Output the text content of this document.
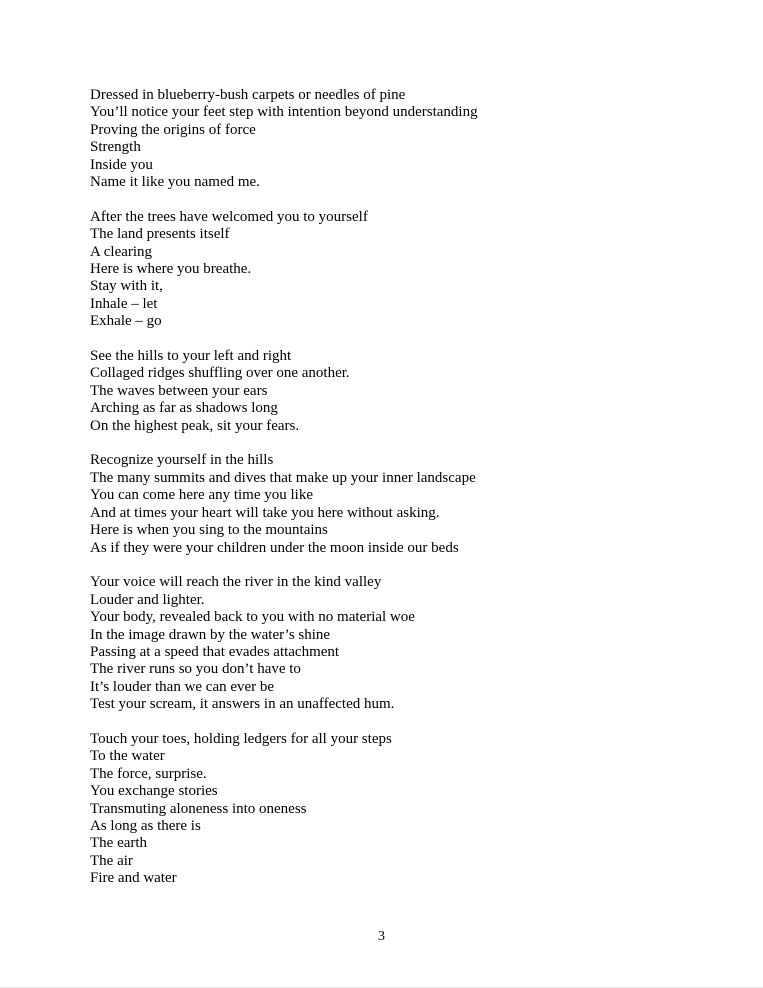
Dressed in blueberry-bush carpets or needles of pine
You’ll notice your feet step with intention beyond understanding
Proving the origins of force
Strength
Inside you
Name it like you named me.
After the trees have welcomed you to yourself
The land presents itself
A clearing
Here is where you breathe.
Stay with it,
Inhale – let
Exhale – go
See the hills to your left and right
Collaged ridges shuffling over one another.
The waves between your ears
Arching as far as shadows long
On the highest peak, sit your fears.
Recognize yourself in the hills
The many summits and dives that make up your inner landscape
You can come here any time you like
And at times your heart will take you here without asking.
Here is when you sing to the mountains
As if they were your children under the moon inside our beds
Your voice will reach the river in the kind valley
Louder and lighter.
Your body, revealed back to you with no material woe
In the image drawn by the water’s shine
Passing at a speed that evades attachment
The river runs so you don’t have to
It’s louder than we can ever be
Test your scream, it answers in an unaffected hum.
Touch your toes, holding ledgers for all your steps
To the water
The force, surprise.
You exchange stories
Transmuting aloneness into oneness
As long as there is
The earth
The air
Fire and water
3
